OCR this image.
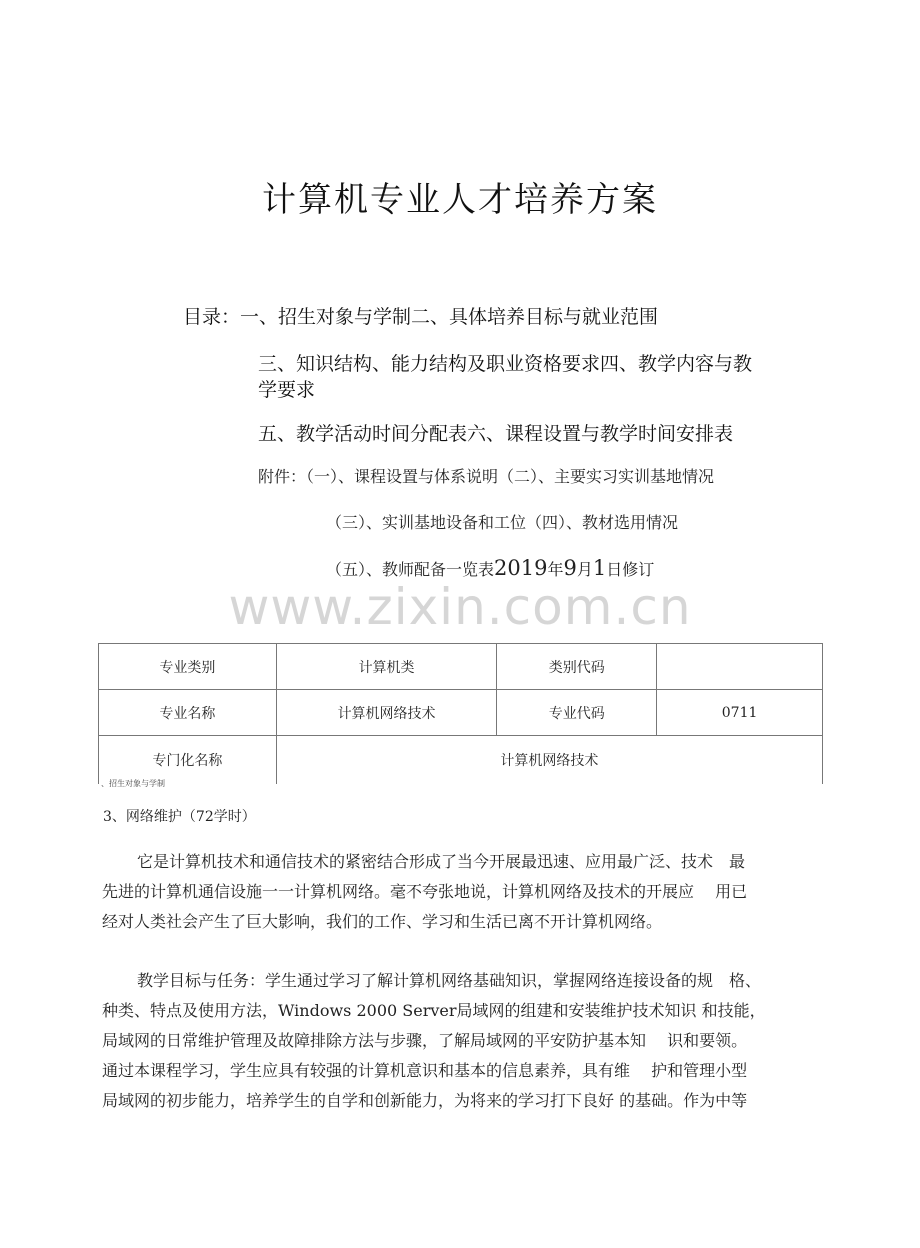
计算机专业人才培养方案
目录：一、招生对象与学制二、具体培养目标与就业范围
三、知识结构、能力结构及职业资格要求四、教学内容与教
学要求
五、教学活动时间分配表六、课程设置与教学时间安排表
附件：（一）、课程设置与体系说明（二）、主要实习实训基地情况
（三）、实训基地设备和工位（四）、教材选用情况
（五）、教师配备一览表2019年9月1日修订
www.zixin.com.cn
专业类别	计算机类	类别代码	
专业名称	计算机网络技术	专业代码	0711
专门化名称	计算机网络技术		
、招生对象与学制
3、网络维护（72学时）

它是计算机技术和通信技术的紧密结合形成了当今开展最迅速、应用最广泛、技术　最

先进的计算机通信设施一一计算机网络。毫不夸张地说，计算机网络及技术的开展应　 用已

经对人类社会产生了巨大影响，我们的工作、学习和生活已离不开计算机网络。

教学目标与任务：学生通过学习了解计算机网络基础知识，掌握网络连接设备的规　格、

种类、特点及使用方法，Windows 2000 Server局域网的组建和安装维护技术知识 和技能，

局域网的日常维护管理及故障排除方法与步骤，了解局域网的平安防护基本知　 识和要领。

通过本课程学习，学生应具有较强的计算机意识和基本的信息素养，具有维　 护和管理小型

局域网的初步能力，培养学生的自学和创新能力，为将来的学习打下良好 的基础。作为中等
